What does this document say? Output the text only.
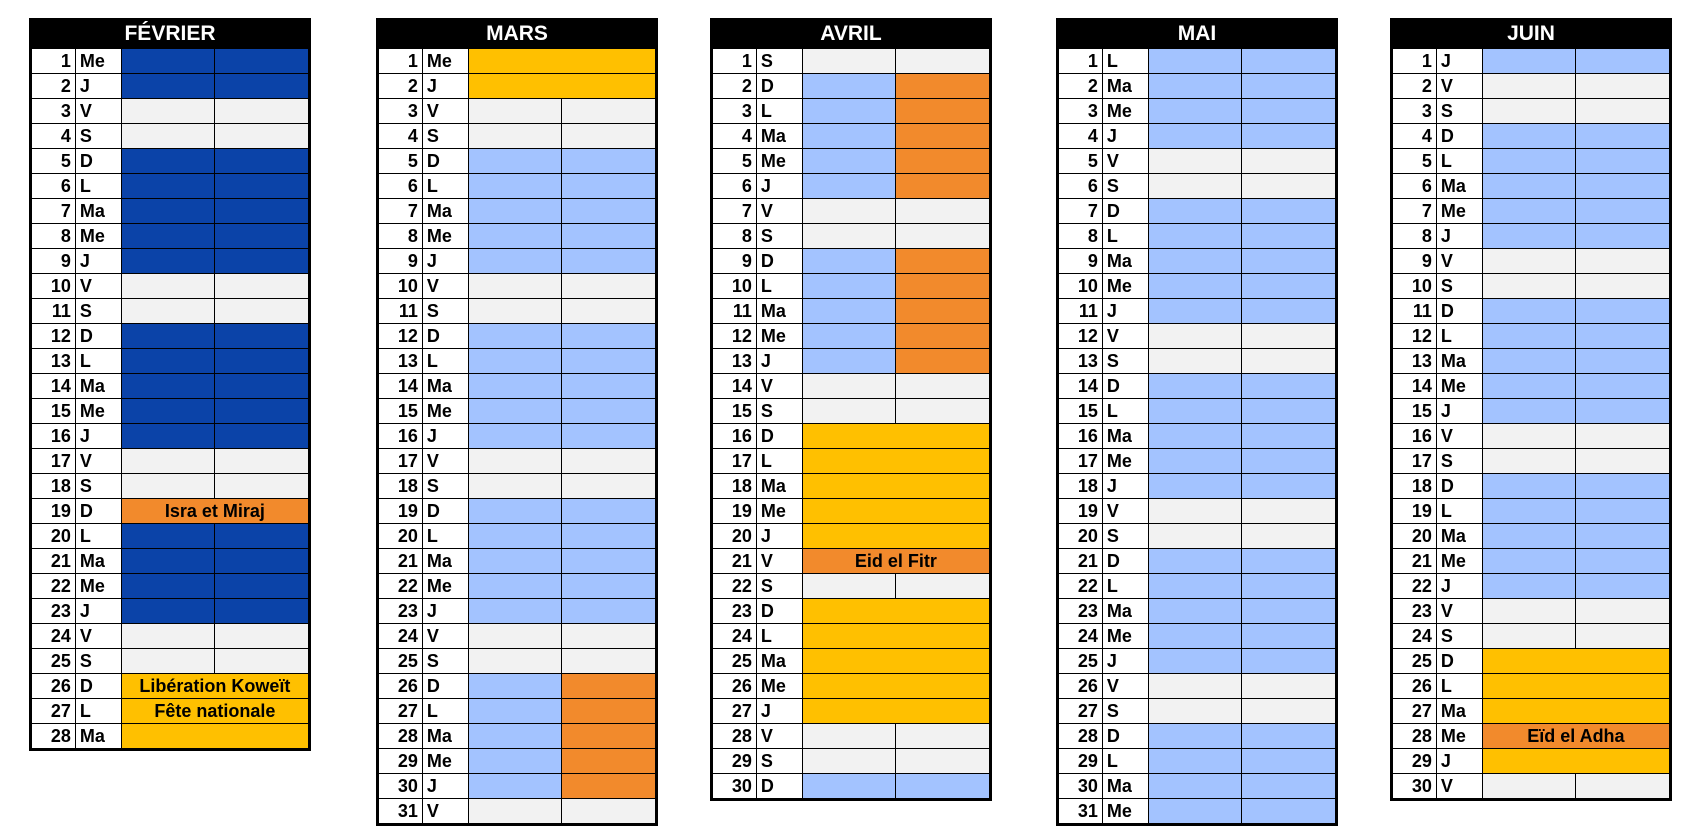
FÉVRIER
1	Me		
2	J		
3	V		
4	S		
5	D		
6	L		
7	Ma		
8	Me		
9	J		
10	V		
11	S		
12	D		
13	L		
14	Ma		
15	Me		
16	J		
17	V		
18	S		
19	D	Isra et Miraj	
20	L		
21	Ma		
22	Me		
23	J		
24	V		
25	S		
26	D	Libération Koweït	
27	L	Fête nationale	
28	Ma		
MARS
1	Me		
2	J		
3	V		
4	S		
5	D		
6	L		
7	Ma		
8	Me		
9	J		
10	V		
11	S		
12	D		
13	L		
14	Ma		
15	Me		
16	J		
17	V		
18	S		
19	D		
20	L		
21	Ma		
22	Me		
23	J		
24	V		
25	S		
26	D		
27	L		
28	Ma		
29	Me		
30	J		
31	V		
AVRIL
1	S		
2	D		
3	L		
4	Ma		
5	Me		
6	J		
7	V		
8	S		
9	D		
10	L		
11	Ma		
12	Me		
13	J		
14	V		
15	S		
16	D		
17	L		
18	Ma		
19	Me		
20	J		
21	V	Eid el Fitr	
22	S		
23	D		
24	L		
25	Ma		
26	Me		
27	J		
28	V		
29	S		
30	D		
MAI
1	L		
2	Ma		
3	Me		
4	J		
5	V		
6	S		
7	D		
8	L		
9	Ma		
10	Me		
11	J		
12	V		
13	S		
14	D		
15	L		
16	Ma		
17	Me		
18	J		
19	V		
20	S		
21	D		
22	L		
23	Ma		
24	Me		
25	J		
26	V		
27	S		
28	D		
29	L		
30	Ma		
31	Me		
JUIN
1	J		
2	V		
3	S		
4	D		
5	L		
6	Ma		
7	Me		
8	J		
9	V		
10	S		
11	D		
12	L		
13	Ma		
14	Me		
15	J		
16	V		
17	S		
18	D		
19	L		
20	Ma		
21	Me		
22	J		
23	V		
24	S		
25	D		
26	L		
27	Ma		
28	Me	Eïd el Adha	
29	J		
30	V		
